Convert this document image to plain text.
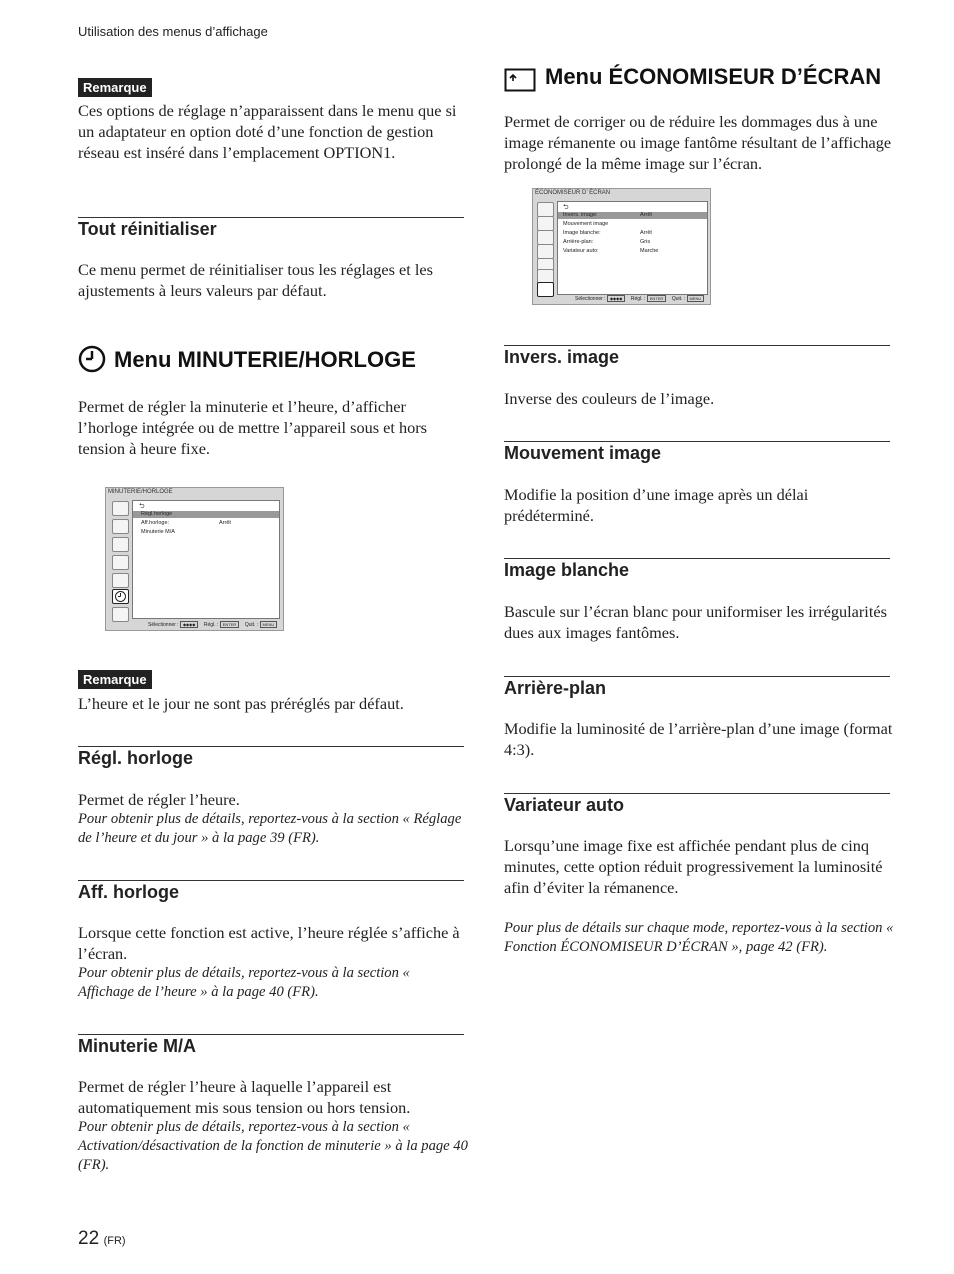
Utilisation des menus d’affichage
Remarque
Ces options de réglage n’apparaissent dans le menu que si un adaptateur en option doté d’une fonction de gestion réseau est inséré dans l’emplacement OPTION1.
Tout réinitialiser
Ce menu permet de réinitialiser tous les réglages et les ajustements à leurs valeurs par défaut.
Menu MINUTERIE/HORLOGE
Permet de régler la minuterie et l’heure, d’afficher l’horloge intégrée ou de mettre l’appareil sous et hors tension à heure fixe.
MINUTERIE/HORLOGE
⮌
Régl.horloge
Aff.horloge:	Arrêt
Minuterie M/A
Sélectionner : ◆◆◆◆ Régl. : ENTER Quit. : MENU
Remarque
L’heure et le jour ne sont pas préréglés par défaut.
Régl. horloge
Permet de régler l’heure.
Pour obtenir plus de détails, reportez-vous à la section « Réglage de l’heure et du jour » à la page 39 (FR).
Aff. horloge
Lorsque cette fonction est active, l’heure réglée s’affiche à l’écran.
Pour obtenir plus de détails, reportez-vous à la section « Affichage de l’heure » à la page 40 (FR).
Minuterie M/A
Permet de régler l’heure à laquelle l’appareil est automatiquement mis sous tension ou hors tension.
Pour obtenir plus de détails, reportez-vous à la section « Activation/désactivation de la fonction de minuterie » à la page 40 (FR).
Menu ÉCONOMISEUR D’ÉCRAN
Permet de corriger ou de réduire les dommages dus à une image rémanente ou image fantôme résultant de l’affichage prolongé de la même image sur l’écran.
ÉCONOMISEUR D’ ÉCRAN
⮌
Invers. image:	Arrêt
Mouvement image
Image blanche:	Arrêt
Arrière-plan:	Gris
Variateur auto:	Marche
Sélectionner : ◆◆◆◆ Régl. : ENTER Quit. : MENU
Invers. image
Inverse des couleurs de l’image.
Mouvement image
Modifie la position d’une image après un délai prédéterminé.
Image blanche
Bascule sur l’écran blanc pour uniformiser les irrégularités dues aux images fantômes.
Arrière-plan
Modifie la luminosité de l’arrière-plan d’une image (format 4:3).
Variateur auto
Lorsqu’une image fixe est affichée pendant plus de cinq minutes, cette option réduit progressivement la luminosité afin d’éviter la rémanence.
Pour plus de détails sur chaque mode, reportez-vous à la section « Fonction ÉCONOMISEUR D’ÉCRAN », page 42 (FR).
22 (FR)
